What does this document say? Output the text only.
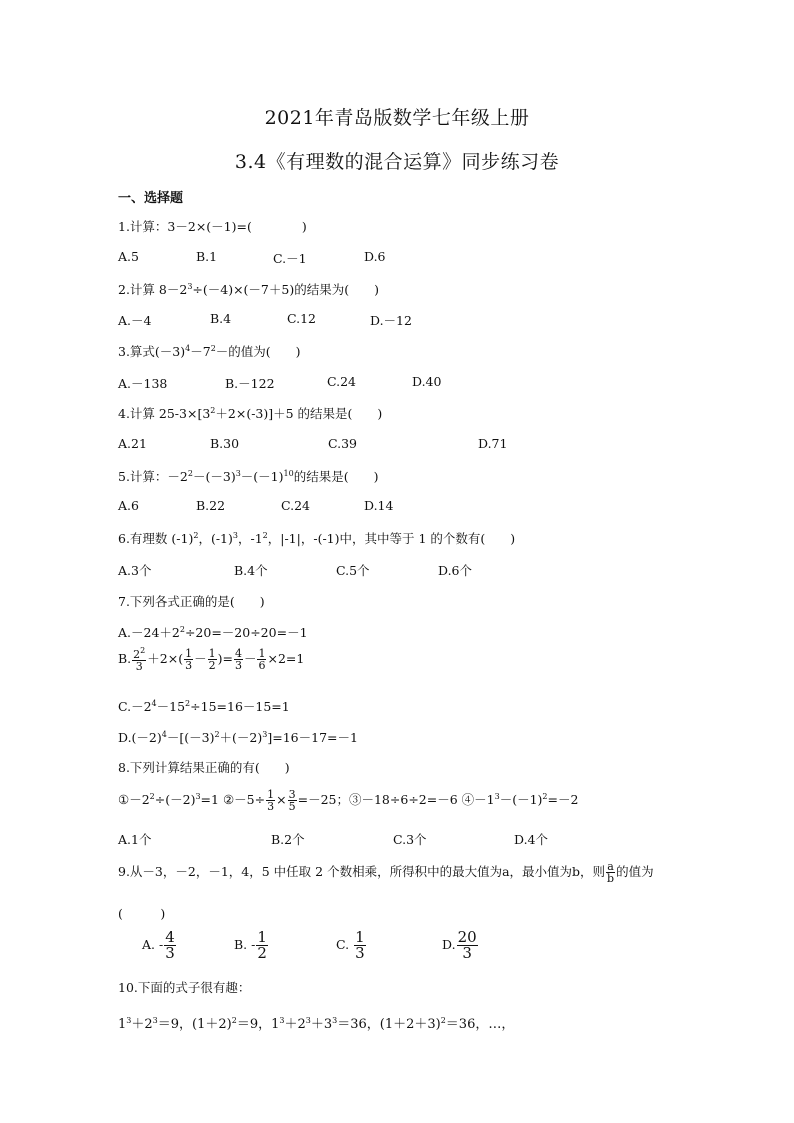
2021年青岛版数学七年级上册
3.4《有理数的混合运算》同步练习卷
一、选择题
1.计算：3－2×(－1)=(　　　　)
A.5	B.1	C.－1	D.6
2.计算 $8-2^3\div(-4)\times(-7+5)$的结果为(　　)
A.－4	B.4	C.12	D.－12
3.算式$(-3)^4-7^2-$的值为(　　)
A.－138	B.－122	C.24	D.40
4.计算 $25-3\times[3^2+2\times(-3)]+5$ 的结果是(　　)
A.21	B.30	C.39	D.71
5.计算：$-2^2-(-3)^3-(-1)^{10}$的结果是(　　)
A.6	B.22	C.24	D.14
6.有理数 $(-1)^2$，$(-1)^3$，$-1^2$，|-1|，-(-1)中，其中等于 1 的个数有(　　)
A.3个	B.4个	C.5个	D.6个
7.下列各式正确的是(　　)
$A.-24+2^2\div 20=-20\div 20=-1$
B. $\frac{2^2}{3} +2\times( \frac{1}{3} - \frac{1}{2}$ )= $\frac{4}{3} - \frac{1}{6} \times 2=1$
$C.-2^4-15^2\div 15=16-15=1$
$D.(-2)^4-[(-3)^2+(-2)^3]=16-17=-1$
8.下列计算结果正确的有(　　)
$①-2^2\div(-2)^3=1$ ②－5÷ $\frac{1}{3} \times \frac{3}{5} =-25$；③－18÷6÷2=－6 $④-1^3-(-1)^2=-2$
A.1个	B.2个	C.3个	D.4个
9.从－3，－2，－1，4，5 中任取 2 个数相乘，所得积中的最大值为a，最小值为b，则 $\frac{a}{b}$ 的值为
(　　　)
A. - $\frac{4}{3}$	B. - $\frac{1}{2}$	C. $\frac{1}{3}$	D. $\frac{20}{3}$
10.下面的式子很有趣：
$1^3+2^3=9$，$(1+2)^2=9$，$1^3+2^3+3^3=36$，$(1+2+3)^2=36$，…，
